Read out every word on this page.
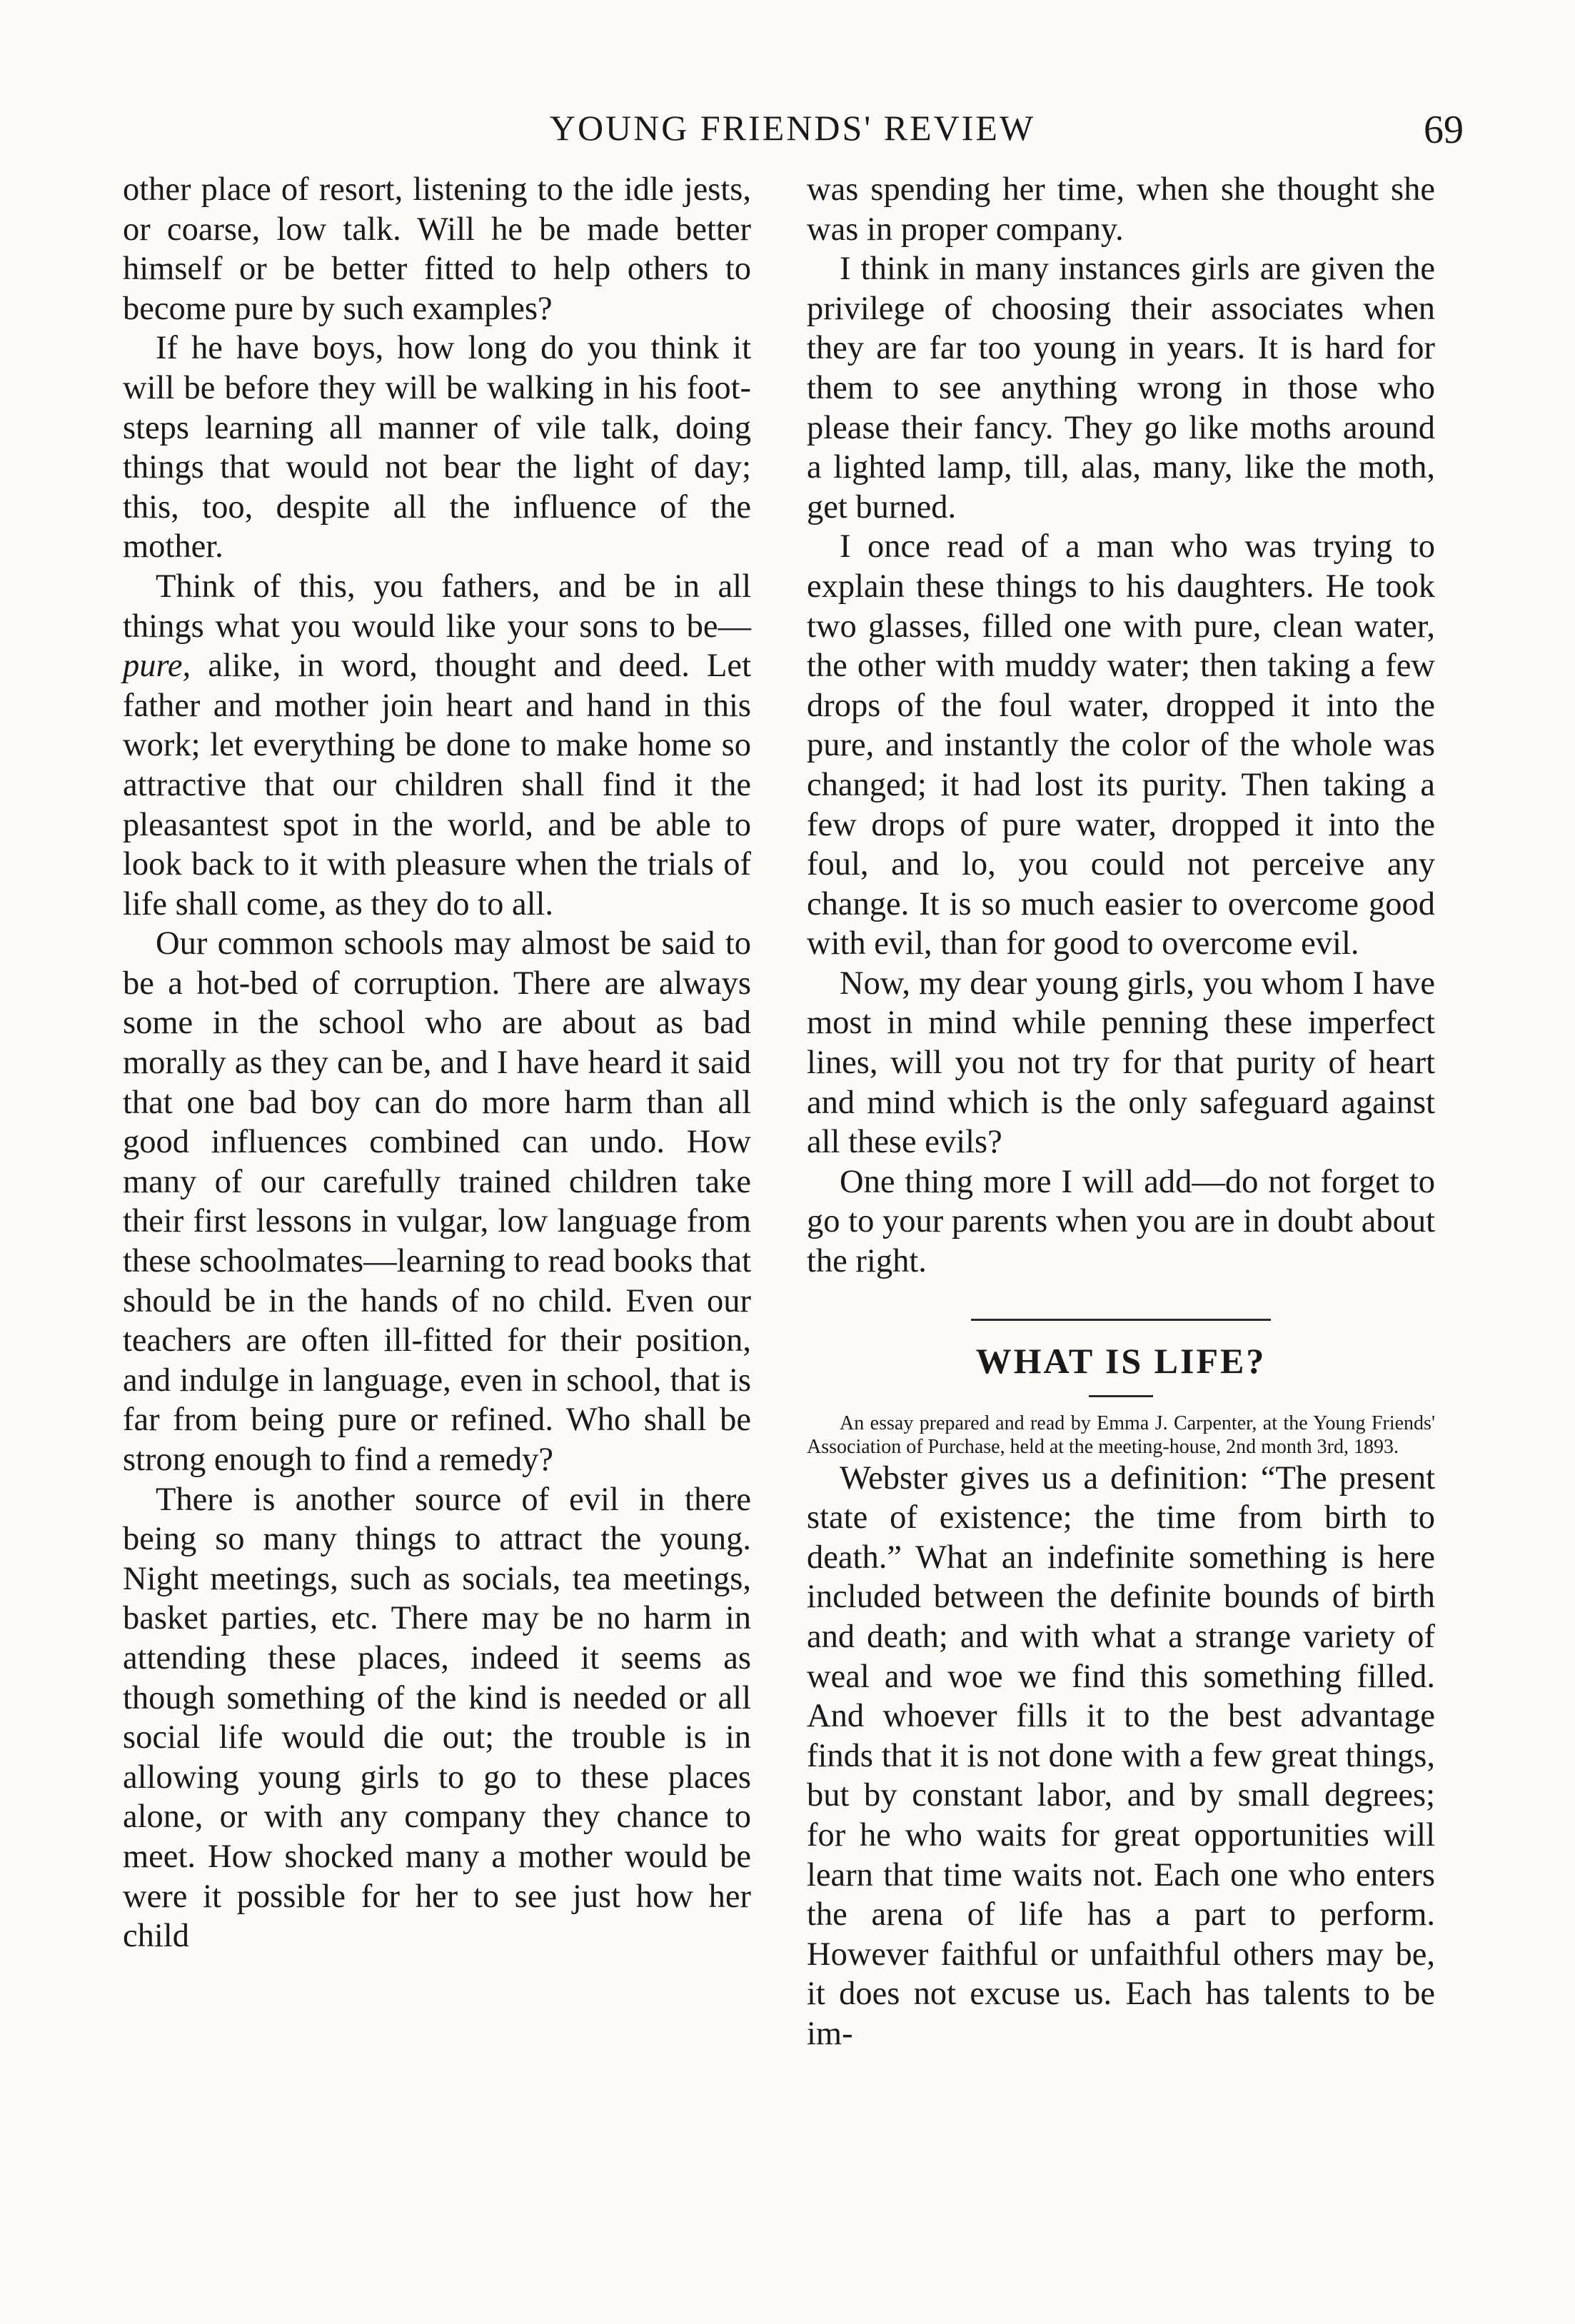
YOUNG FRIENDS' REVIEW	69

other place of resort, listening to the idle jests, or coarse, low talk. Will he be made better himself or be better fitted to help others to become pure by such examples?

If he have boys, how long do you think it will be before they will be walking in his foot-steps learning all manner of vile talk, doing things that would not bear the light of day; this, too, despite all the influence of the mother.

Think of this, you fathers, and be in all things what you would like your sons to be—pure, alike, in word, thought and deed. Let father and mother join heart and hand in this work; let everything be done to make home so attractive that our children shall find it the pleasantest spot in the world, and be able to look back to it with pleasure when the trials of life shall come, as they do to all.

Our common schools may almost be said to be a hot-bed of corruption. There are always some in the school who are about as bad morally as they can be, and I have heard it said that one bad boy can do more harm than all good influences combined can undo. How many of our carefully trained children take their first lessons in vulgar, low language from these schoolmates—learning to read books that should be in the hands of no child. Even our teachers are often ill-fitted for their position, and indulge in language, even in school, that is far from being pure or refined. Who shall be strong enough to find a remedy?

There is another source of evil in there being so many things to attract the young. Night meetings, such as socials, tea meetings, basket parties, etc. There may be no harm in attending these places, indeed it seems as though something of the kind is needed or all social life would die out; the trouble is in allowing young girls to go to these places alone, or with any company they chance to meet. How shocked many a mother would be were it possible for her to see just how her child

was spending her time, when she thought she was in proper company.

I think in many instances girls are given the privilege of choosing their associates when they are far too young in years. It is hard for them to see anything wrong in those who please their fancy. They go like moths around a lighted lamp, till, alas, many, like the moth, get burned.

I once read of a man who was trying to explain these things to his daughters. He took two glasses, filled one with pure, clean water, the other with muddy water; then taking a few drops of the foul water, dropped it into the pure, and instantly the color of the whole was changed; it had lost its purity. Then taking a few drops of pure water, dropped it into the foul, and lo, you could not perceive any change. It is so much easier to overcome good with evil, than for good to overcome evil.

Now, my dear young girls, you whom I have most in mind while penning these imperfect lines, will you not try for that purity of heart and mind which is the only safeguard against all these evils?

One thing more I will add—do not forget to go to your parents when you are in doubt about the right.

WHAT IS LIFE?

An essay prepared and read by Emma J. Carpenter, at the Young Friends' Association of Purchase, held at the meeting-house, 2nd month 3rd, 1893.

Webster gives us a definition: “The present state of existence; the time from birth to death.” What an indefinite something is here included between the definite bounds of birth and death; and with what a strange variety of weal and woe we find this something filled. And whoever fills it to the best advantage finds that it is not done with a few great things, but by constant labor, and by small degrees; for he who waits for great opportunities will learn that time waits not. Each one who enters the arena of life has a part to perform. However faithful or unfaithful others may be, it does not excuse us. Each has talents to be im-
